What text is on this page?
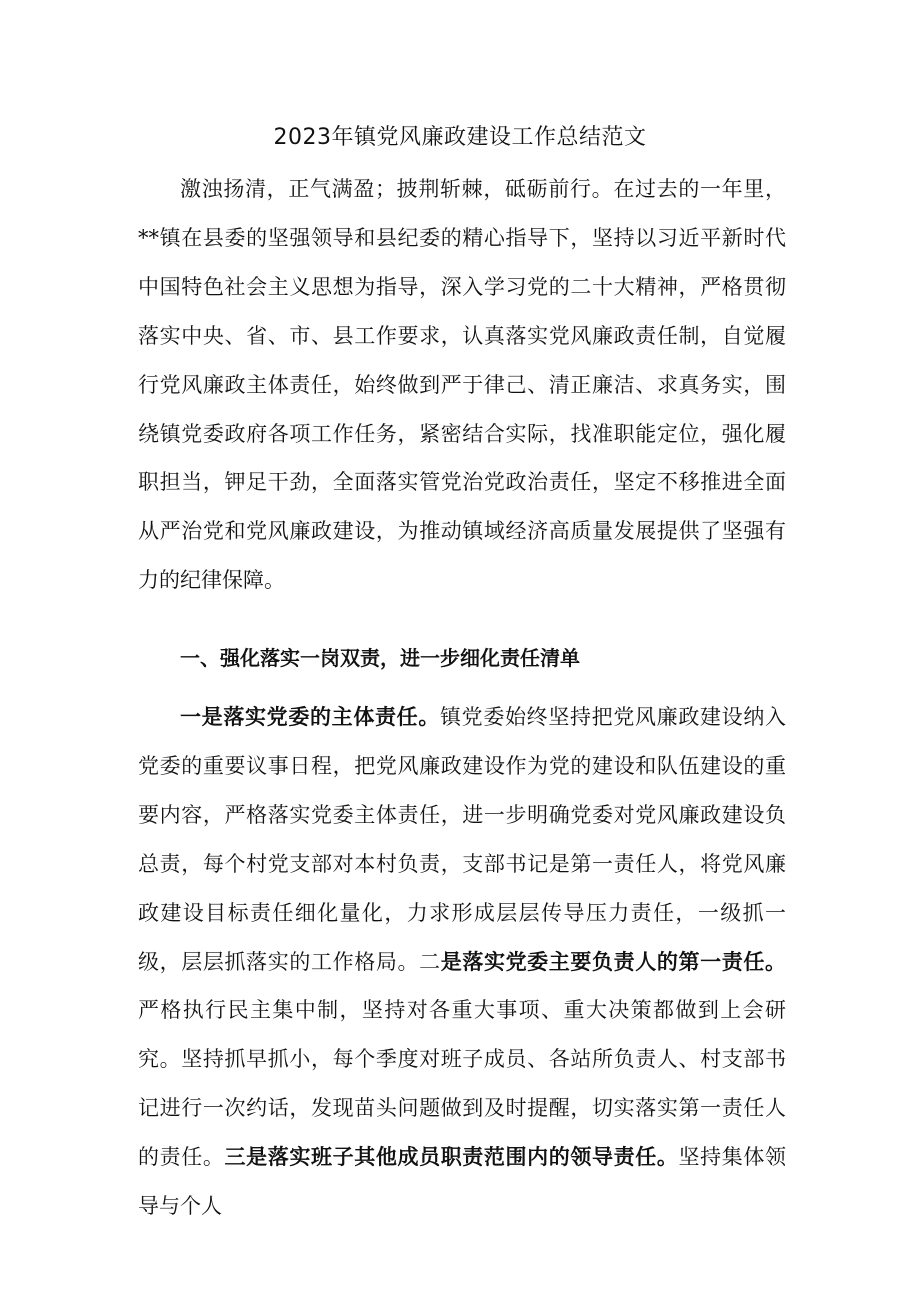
2023年镇党风廉政建设工作总结范文

激浊扬清，正气满盈；披荆斩棘，砥砺前行。在过去的一年里，**镇在县委的坚强领导和县纪委的精心指导下，坚持以习近平新时代中国特色社会主义思想为指导，深入学习党的二十大精神，严格贯彻落实中央、省、市、县工作要求，认真落实党风廉政责任制，自觉履行党风廉政主体责任，始终做到严于律己、清正廉洁、求真务实，围绕镇党委政府各项工作任务，紧密结合实际，找准职能定位，强化履职担当，钾足干劲，全面落实管党治党政治责任，坚定不移推进全面从严治党和党风廉政建设，为推动镇域经济高质量发展提供了坚强有力的纪律保障。

一、强化落实一岗双责，进一步细化责任清单

一是落实党委的主体责任。镇党委始终坚持把党风廉政建设纳入党委的重要议事日程，把党风廉政建设作为党的建设和队伍建设的重要内容，严格落实党委主体责任，进一步明确党委对党风廉政建设负总责，每个村党支部对本村负责，支部书记是第一责任人，将党风廉政建设目标责任细化量化，力求形成层层传导压力责任，一级抓一级，层层抓落实的工作格局。二是落实党委主要负责人的第一责任。严格执行民主集中制，坚持对各重大事项、重大决策都做到上会研究。坚持抓早抓小，每个季度对班子成员、各站所负责人、村支部书记进行一次约话，发现苗头问题做到及时提醒，切实落实第一责任人的责任。三是落实班子其他成员职责范围内的领导责任。坚持集体领导与个人
